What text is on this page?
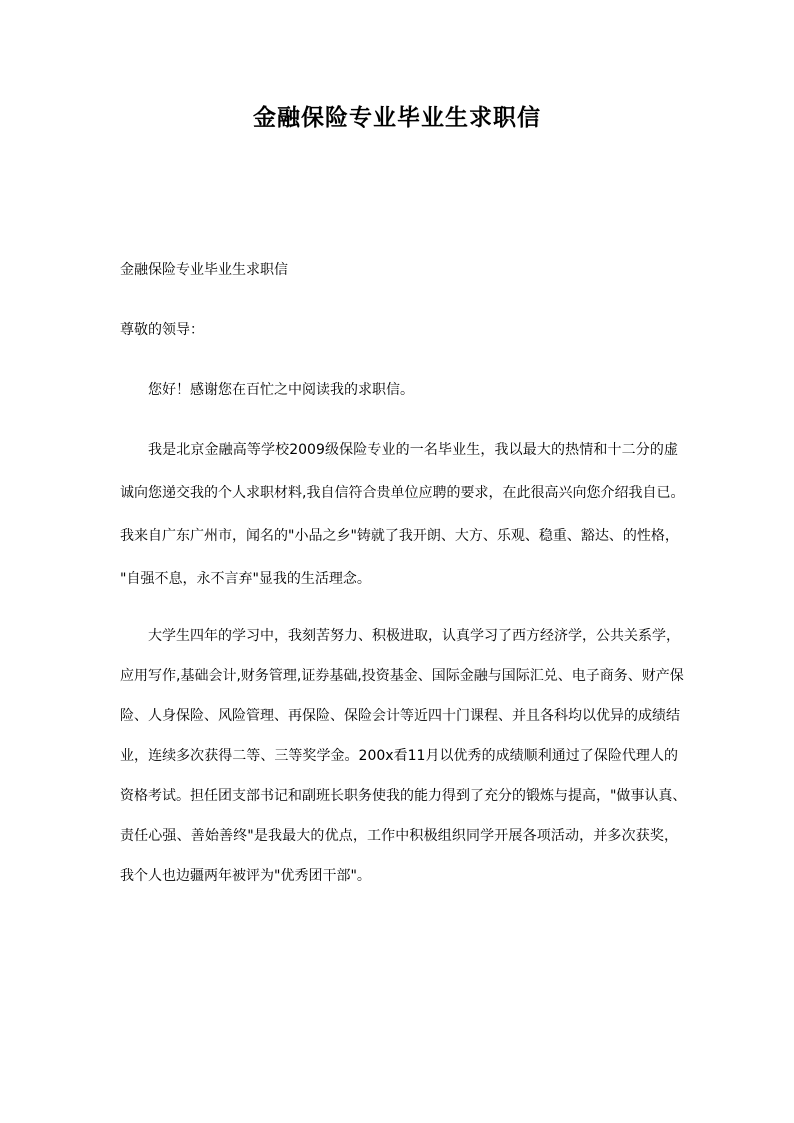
金融保险专业毕业生求职信
金融保险专业毕业生求职信
尊敬的领导：
您好！感谢您在百忙之中阅读我的求职信。
我是北京金融高等学校2009级保险专业的一名毕业生，我以最大的热情和十二分的虚
诚向您递交我的个人求职材料,我自信符合贵单位应聘的要求，在此很高兴向您介绍我自已。
我来自广东广州市，闻名的"小品之乡"铸就了我开朗、大方、乐观、稳重、豁达、的性格，
"自强不息，永不言弃"显我的生活理念。
大学生四年的学习中，我刻苦努力、积极进取，认真学习了西方经济学，公共关系学，
应用写作,基础会计,财务管理,证券基础,投资基金、国际金融与国际汇兑、电子商务、财产保
险、人身保险、风险管理、再保险、保险会计等近四十门课程、并且各科均以优异的成绩结
业，连续多次获得二等、三等奖学金。200x看11月以优秀的成绩顺利通过了保险代理人的
资格考试。担任团支部书记和副班长职务使我的能力得到了充分的锻炼与提高，"做事认真、
责任心强、善始善终"是我最大的优点，工作中积极组织同学开展各项活动，并多次获奖，
我个人也边疆两年被评为"优秀团干部"。
